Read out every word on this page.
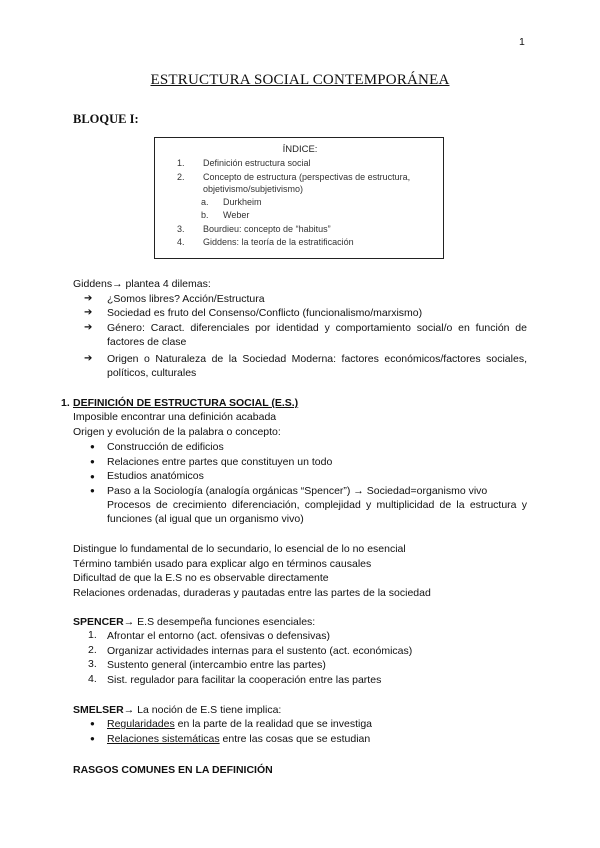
1
ESTRUCTURA SOCIAL CONTEMPORÁNEA
BLOQUE I:
ÍNDICE:
1. Definición estructura social
2. Concepto de estructura (perspectivas de estructura,
objetivismo/subjetivismo)
a. Durkheim
b. Weber
3. Bourdieu: concepto de “habitus”
4. Giddens: la teoría de la estratificación
Giddens→ plantea 4 dilemas:
➔ ¿Somos libres? Acción/Estructura
➔ Sociedad es fruto del Consenso/Conflicto (funcionalismo/marxismo)
➔ Género: Caract. diferenciales por identidad y comportamiento social/o en función de factores de clase
➔ Origen o Naturaleza de la Sociedad Moderna: factores económicos/factores sociales, políticos, culturales
1. DEFINICIÓN DE ESTRUCTURA SOCIAL (E.S.)
Imposible encontrar una definición acabada
Origen y evolución de la palabra o concepto:
● Construcción de edificios
● Relaciones entre partes que constituyen un todo
● Estudios anatómicos
● Paso a la Sociología (analogía orgánicas “Spencer”) → Sociedad=organismo vivo
Procesos de crecimiento diferenciación, complejidad y multiplicidad de la estructura y funciones (al igual que un organismo vivo)
Distingue lo fundamental de lo secundario, lo esencial de lo no esencial
Término también usado para explicar algo en términos causales
Dificultad de que la E.S no es observable directamente
Relaciones ordenadas, duraderas y pautadas entre las partes de la sociedad
SPENCER→ E.S desempeña funciones esenciales:
1. Afrontar el entorno (act. ofensivas o defensivas)
2. Organizar actividades internas para el sustento (act. económicas)
3. Sustento general (intercambio entre las partes)
4. Sist. regulador para facilitar la cooperación entre las partes
SMELSER→ La noción de E.S tiene implica:
● Regularidades en la parte de la realidad que se investiga
● Relaciones sistemáticas entre las cosas que se estudian
RASGOS COMUNES EN LA DEFINICIÓN
